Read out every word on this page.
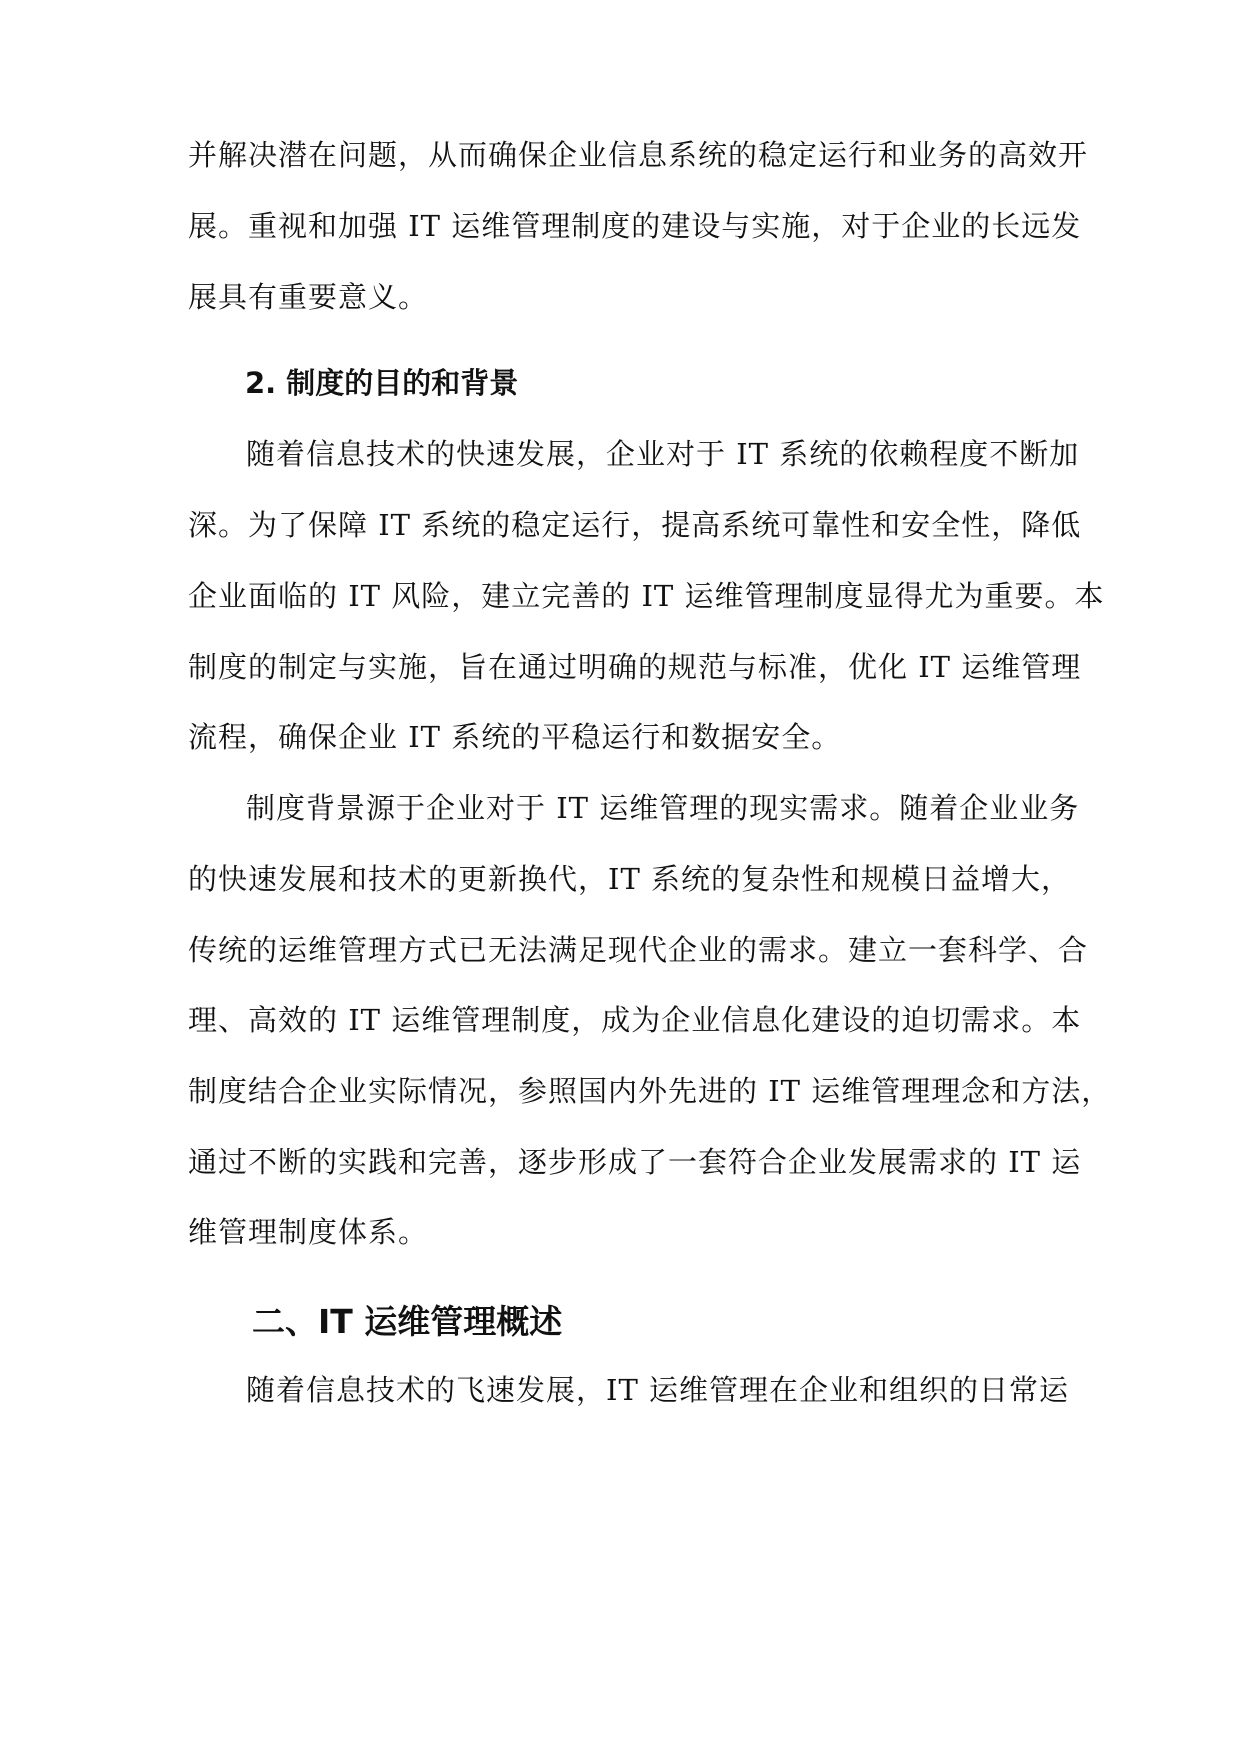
并解决潜在问题，从而确保企业信息系统的稳定运行和业务的高效开

展。重视和加强 IT 运维管理制度的建设与实施，对于企业的长远发

展具有重要意义。

2. 制度的目的和背景

随着信息技术的快速发展，企业对于 IT 系统的依赖程度不断加

深。为了保障 IT 系统的稳定运行，提高系统可靠性和安全性，降低

企业面临的 IT 风险，建立完善的 IT 运维管理制度显得尤为重要。本

制度的制定与实施，旨在通过明确的规范与标准，优化 IT 运维管理

流程，确保企业 IT 系统的平稳运行和数据安全。

制度背景源于企业对于 IT 运维管理的现实需求。随着企业业务

的快速发展和技术的更新换代，IT 系统的复杂性和规模日益增大，

传统的运维管理方式已无法满足现代企业的需求。建立一套科学、合

理、高效的 IT 运维管理制度，成为企业信息化建设的迫切需求。本

制度结合企业实际情况，参照国内外先进的 IT 运维管理理念和方法，

通过不断的实践和完善，逐步形成了一套符合企业发展需求的 IT 运

维管理制度体系。

二、IT 运维管理概述

随着信息技术的飞速发展，IT 运维管理在企业和组织的日常运
